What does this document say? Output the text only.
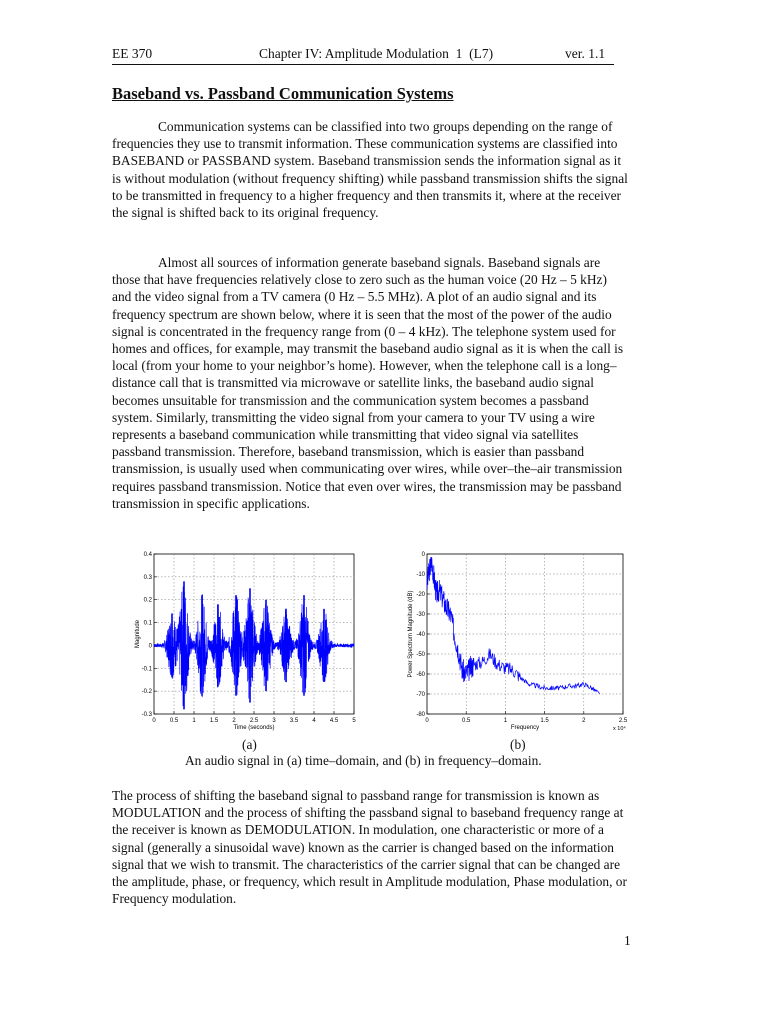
EE 370	Chapter IV: Amplitude Modulation  1  (L7)	ver. 1.1
Baseband vs. Passband Communication Systems

Communication systems can be classified into two groups depending on the range of frequencies they use to transmit information. These communication systems are classified into BASEBAND or PASSBAND system. Baseband transmission sends the information signal as it is without modulation (without frequency shifting) while passband transmission shifts the signal to be transmitted in frequency to a higher frequency and then transmits it, where at the receiver the signal is shifted back to its original frequency.

Almost all sources of information generate baseband signals. Baseband signals are those that have frequencies relatively close to zero such as the human voice (20 Hz – 5 kHz) and the video signal from a TV camera (0 Hz – 5.5 MHz). A plot of an audio signal and its frequency spectrum are shown below, where it is seen that the most of the power of the audio signal is concentrated in the frequency range from (0 – 4 kHz). The telephone system used for homes and offices, for example, may transmit the baseband audio signal as it is when the call is local (from your home to your neighbor’s home). However, when the telephone call is a long–distance call that is transmitted via microwave or satellite links, the baseband audio signal becomes unsuitable for transmission and the communication system becomes a passband system. Similarly, transmitting the video signal from your camera to your TV using a wire represents a baseband communication while transmitting that video signal via satellites passband transmission. Therefore, baseband transmission, which is easier than passband transmission, is usually used when communicating over wires, while over–the–air transmission requires passband transmission. Notice that even over wires, the transmission may be passband transmission in specific applications.

0 0.5 1 1.5 2 2.5 3 3.5 4 4.5 5
-0.3
-0.2
-0.1
0
0.1
0.2
0.3
0.4
Time (seconds)
Magnitude
0	0.5	1	1.5	2	2.5
0
-10
-20
-30
-40
-50
-60
-70
-80
Frequency
Power Spectrum Magnitude (dB)
x 10⁴
(a)	(b)
An audio signal in (a) time–domain, and (b) in frequency–domain.

The process of shifting the baseband signal to passband range for transmission is known as MODULATION and the process of shifting the passband signal to baseband frequency range at the receiver is known as DEMODULATION. In modulation, one characteristic or more of a signal (generally a sinusoidal wave) known as the carrier is changed based on the information signal that we wish to transmit. The characteristics of the carrier signal that can be changed are the amplitude, phase, or frequency, which result in Amplitude modulation, Phase modulation, or Frequency modulation.

1
